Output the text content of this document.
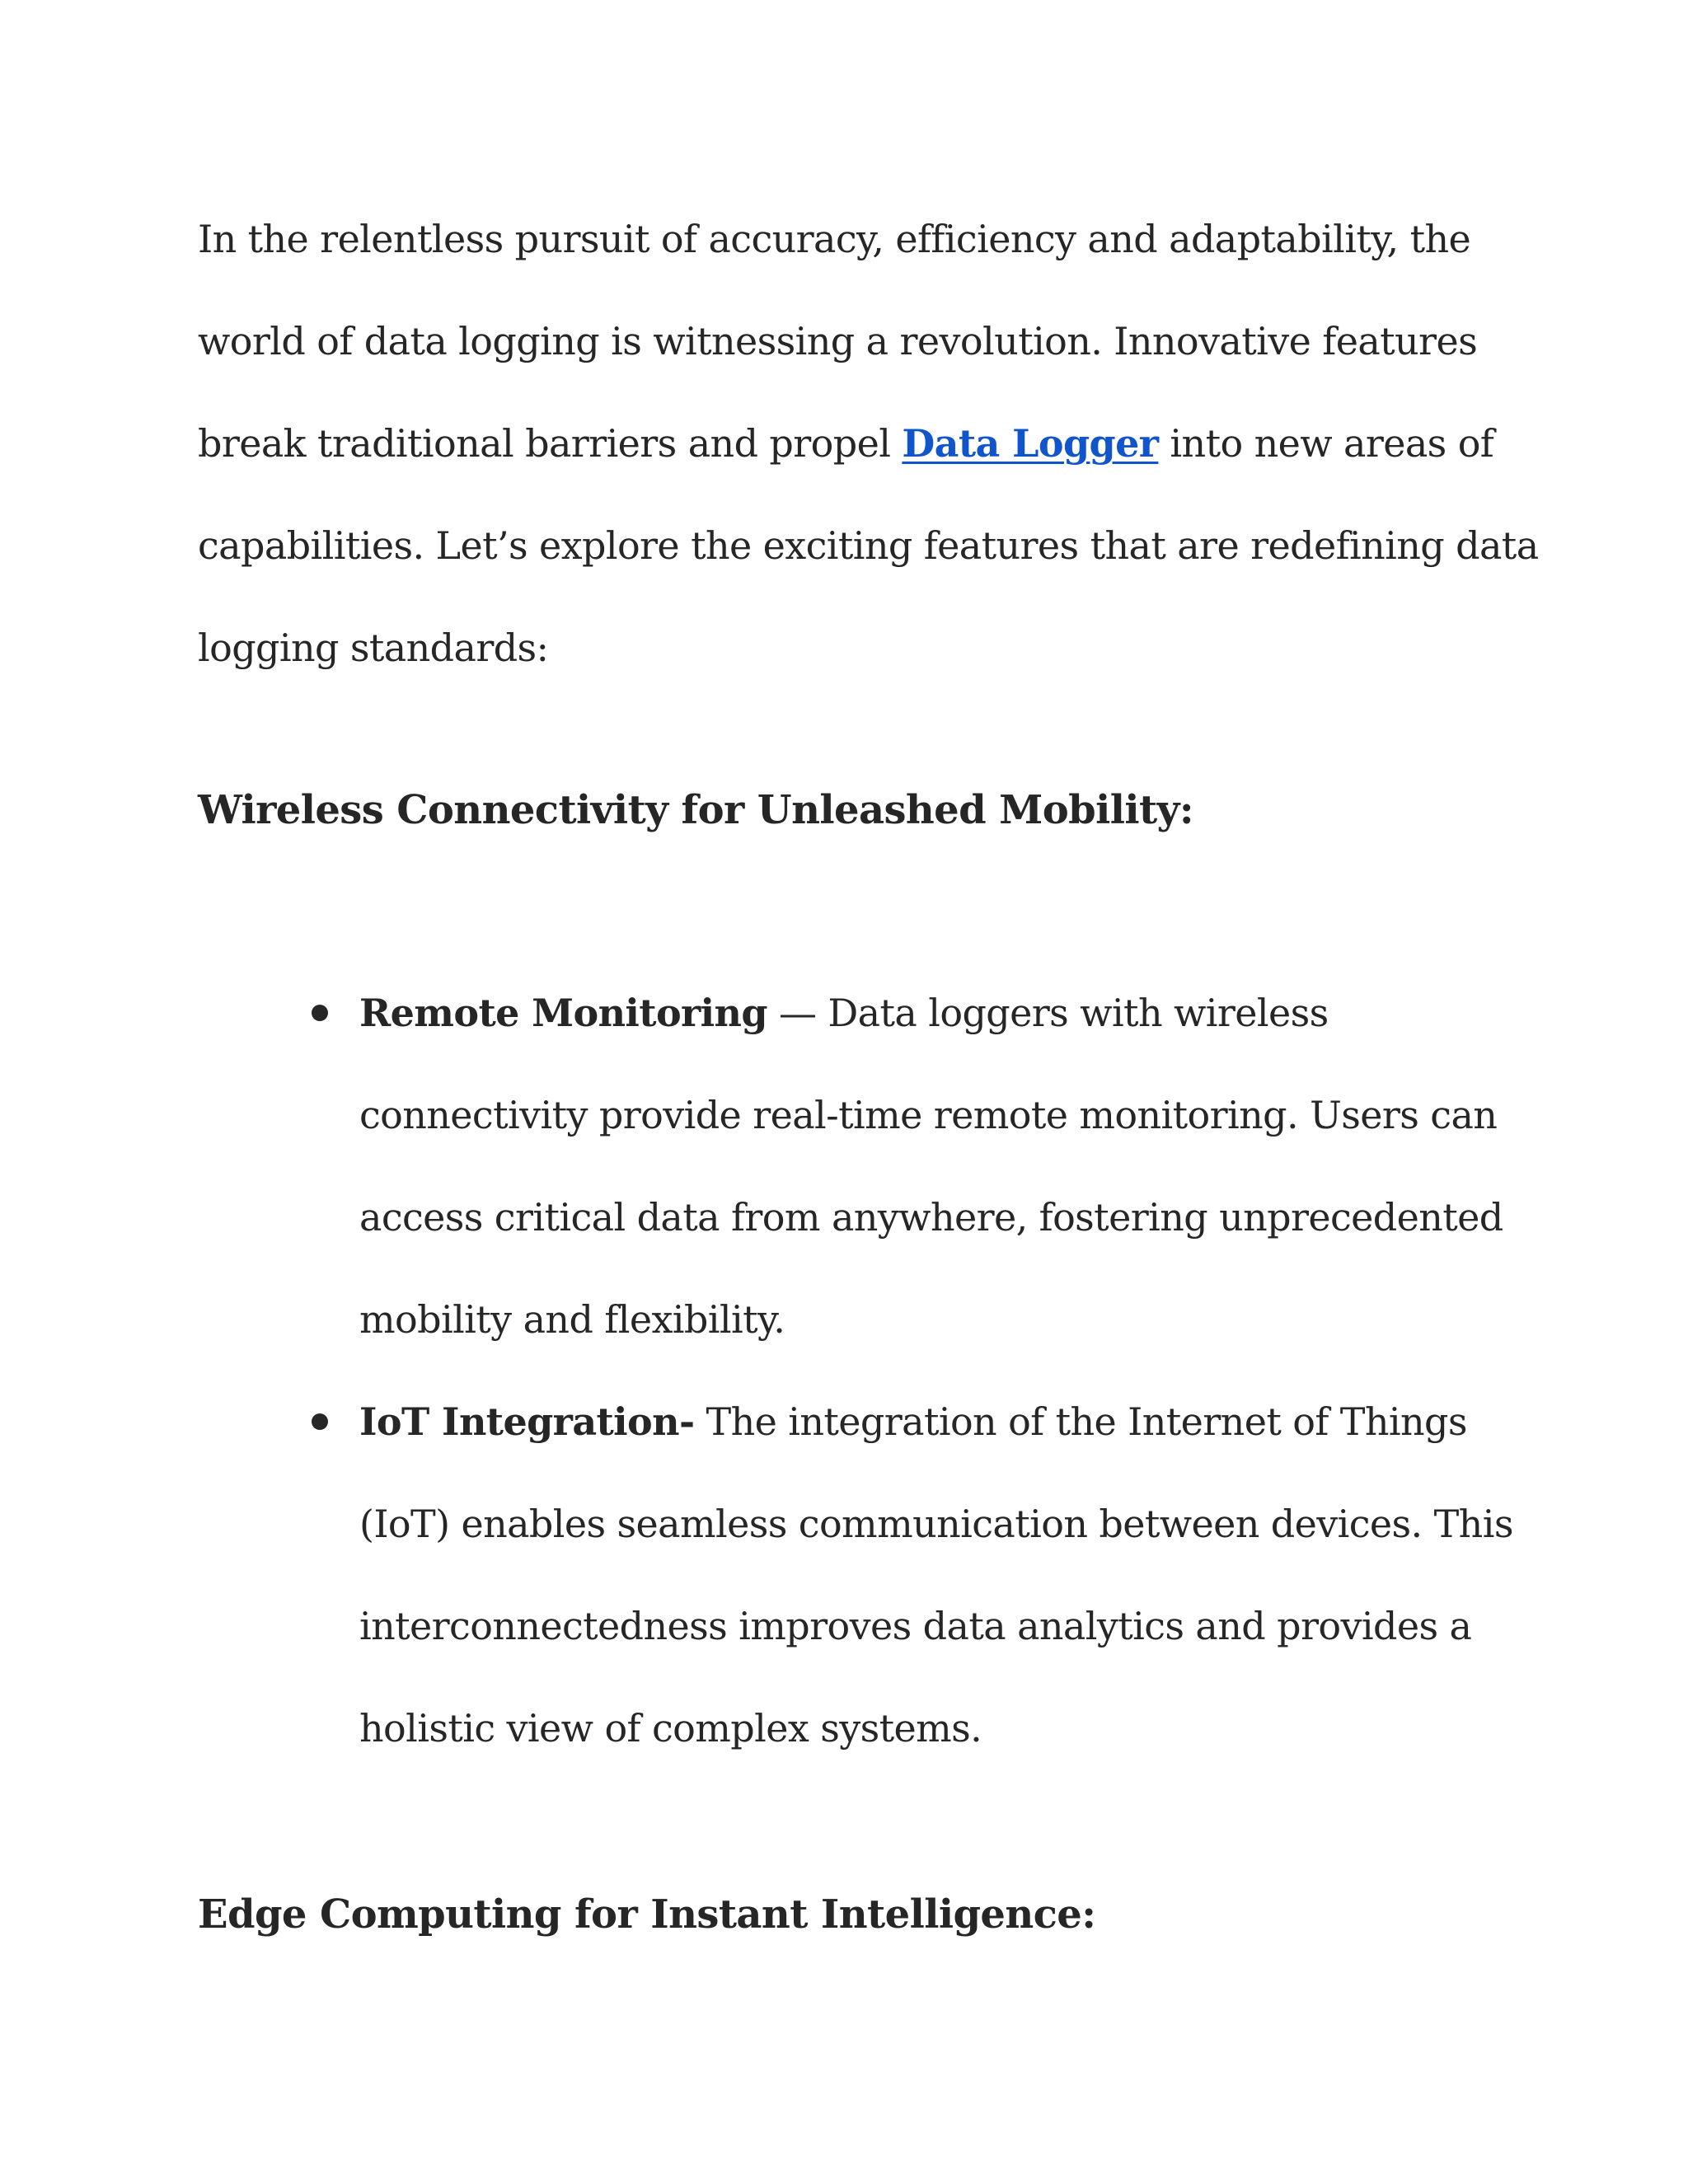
In the relentless pursuit of accuracy, efficiency and adaptability, the
world of data logging is witnessing a revolution. Innovative features
break traditional barriers and propel Data Logger into new areas of
capabilities. Let’s explore the exciting features that are redefining data
logging standards:

Wireless Connectivity for Unleashed Mobility:
Remote Monitoring — Data loggers with wireless
connectivity provide real-time remote monitoring. Users can
access critical data from anywhere, fostering unprecedented
mobility and flexibility.
IoT Integration- The integration of the Internet of Things
(IoT) enables seamless communication between devices. This
interconnectedness improves data analytics and provides a
holistic view of complex systems.
Edge Computing for Instant Intelligence:
